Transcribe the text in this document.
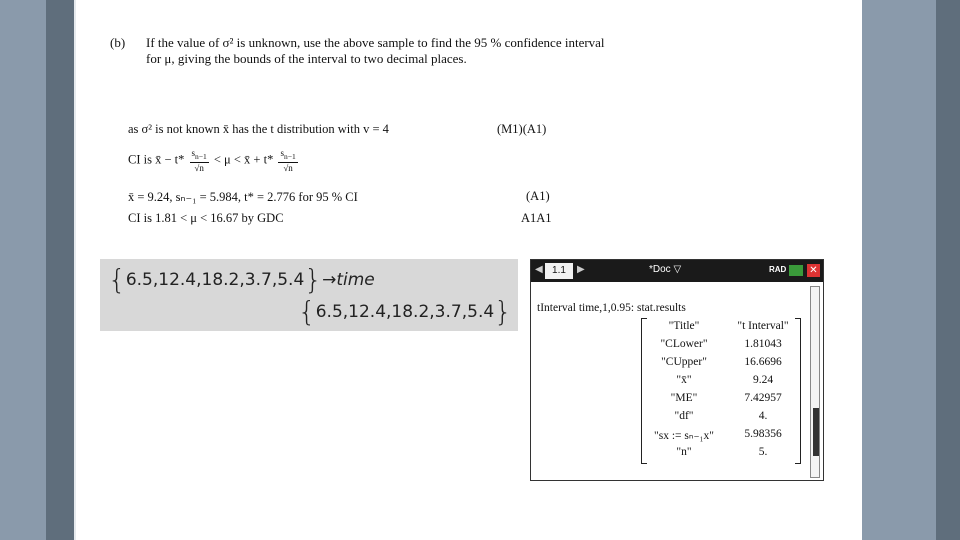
(b) If the value of σ² is unknown, use the above sample to find the 95 % confidence interval
for μ, giving the bounds of the interval to two decimal places.
as σ² is not known x̄ has the t distribution with v = 4	(M1)(A1)
CI is x̄ − $t* \frac{s_{n-1}}{√n} < \mu$ < x̄ + $t* \frac{s_{n-1}}{√n}$
x̄ = 9.24, sₙ₋₁ = 5.984, t* = 2.776 for 95 % CI	(A1)
CI is 1.81 < μ < 16.67 by GDC	A1A1
{6.5,12.4,18.2,3.7,5.4}→time
{6.5,12.4,18.2,3.7,5.4}
◀ 1.1	▶	*Doc ▽	RAD ✕
tInterval time,1,0.95: stat.results
"Title"	"t Interval"
"CLower"	1.81043
"CUpper"	16.6696
"x̄"	9.24
"ME"	7.42957
"df"	4.
"sx := sₙ₋₁x"	5.98356
"n"	5.
